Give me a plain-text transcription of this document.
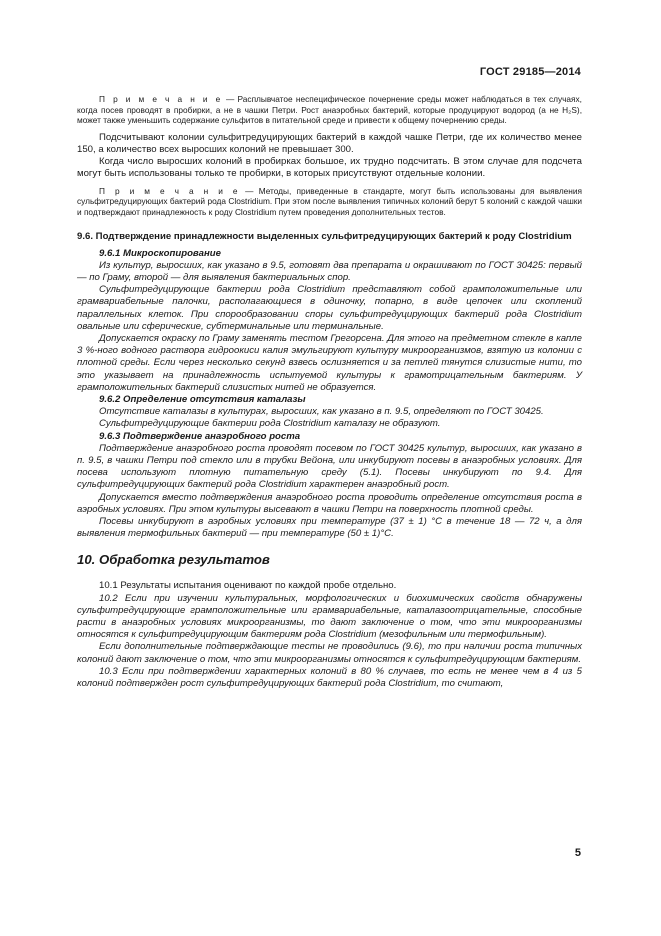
ГОСТ 29185—2014

П р и м е ч а н и е — Расплывчатое неспецифическое почернение среды может наблюдаться в тех случаях, когда посев проводят в пробирки, а не в чашки Петри. Рост анаэробных бактерий, которые продуцируют водород (а не H₂S), может также уменьшить содержание сульфитов в питательной среде и привести к общему почернению среды.

Подсчитывают колонии сульфитредуцирующих бактерий в каждой чашке Петри, где их количество менее 150, а количество всех выросших колоний не превышает 300.

Когда число выросших колоний в пробирках большое, их трудно подсчитать. В этом случае для подсчета могут быть использованы только те пробирки, в которых присутствуют отдельные колонии.

П р и м е ч а н и е — Методы, приведенные в стандарте, могут быть использованы для выявления сульфитредуцирующих бактерий рода Clostridium. При этом после выявления типичных колоний берут 5 колоний с каждой чашки и подтверждают принадлежность к роду Clostridium путем проведения дополнительных тестов.

9.6. Подтверждение принадлежности выделенных сульфитредуцирующих бактерий к роду Clostridium

9.6.1 Микроскопирование

Из культур, выросших, как указано в 9.5, готовят два препарата и окрашивают по ГОСТ 30425: первый — по Граму, второй — для выявления бактериальных спор.

Сульфитредуцирующие бактерии рода Clostridium представляют собой грамположительные или грамвариабельные палочки, располагающиеся в одиночку, попарно, в виде цепочек или скоплений параллельных клеток. При спорообразовании споры сульфитредуцирующих бактерий рода Clostridium овальные или сферические, субтерминальные или терминальные.

Допускается окраску по Граму заменять тестом Грегорсена. Для этого на предметном стекле в капле 3 %-ного водного раствора гидроокиси калия эмульгируют культуру микроорганизмов, взятую из колонии с плотной среды. Если через несколько секунд взвесь ослизняется и за петлей тянутся слизистые нити, то это указывает на принадлежность испытуемой культуры к грамотрицательным бактериям. У грамположительных бактерий слизистых нитей не образуется.

9.6.2 Определение отсутствия каталазы

Отсутствие каталазы в культурах, выросших, как указано в п. 9.5, определяют по ГОСТ 30425.

Сульфитредуцирующие бактерии рода Clostridium каталазу не образуют.

9.6.3 Подтверждение анаэробного роста

Подтверждение анаэробного роста проводят посевом по ГОСТ 30425 культур, выросших, как указано в п. 9.5, в чашки Петри под стекло или в трубки Вейона, или инкубируют посевы в анаэробных условиях. Для посева используют плотную питательную среду (5.1). Посевы инкубируют по 9.4. Для сульфитредуцирующих бактерий рода Clostridium характерен анаэробный рост.

Допускается вместо подтверждения анаэробного роста проводить определение отсутствия роста в аэробных условиях. При этом культуры высевают в чашки Петри на поверхность плотной среды.

Посевы инкубируют в аэробных условиях при температуре (37 ± 1) °С в течение 18 — 72 ч, а для выявления термофильных бактерий — при температуре (50 ± 1)°С.

10. Обработка результатов

10.1 Результаты испытания оценивают по каждой пробе отдельно.

10.2 Если при изучении культуральных, морфологических и биохимических свойств обнаружены сульфитредуцирующие грамположительные или грамвариабельные, каталазоотрицательные, способные расти в анаэробных условиях микроорганизмы, то дают заключение о том, что эти микроорганизмы относятся к сульфитредуцирующим бактериям рода Clostridium (мезофильным или термофильным).

Если дополнительные подтверждающие тесты не проводились (9.6), то при наличии роста типичных колоний дают заключение о том, что эти микроорганизмы относятся к сульфитредуцирующим бактериям.

10.3 Если при подтверждении характерных колоний в 80 % случаев, то есть не менее чем в 4 из 5 колоний подтвержден рост сульфитредуцирующих бактерий рода Clostridium, то считают,

5
